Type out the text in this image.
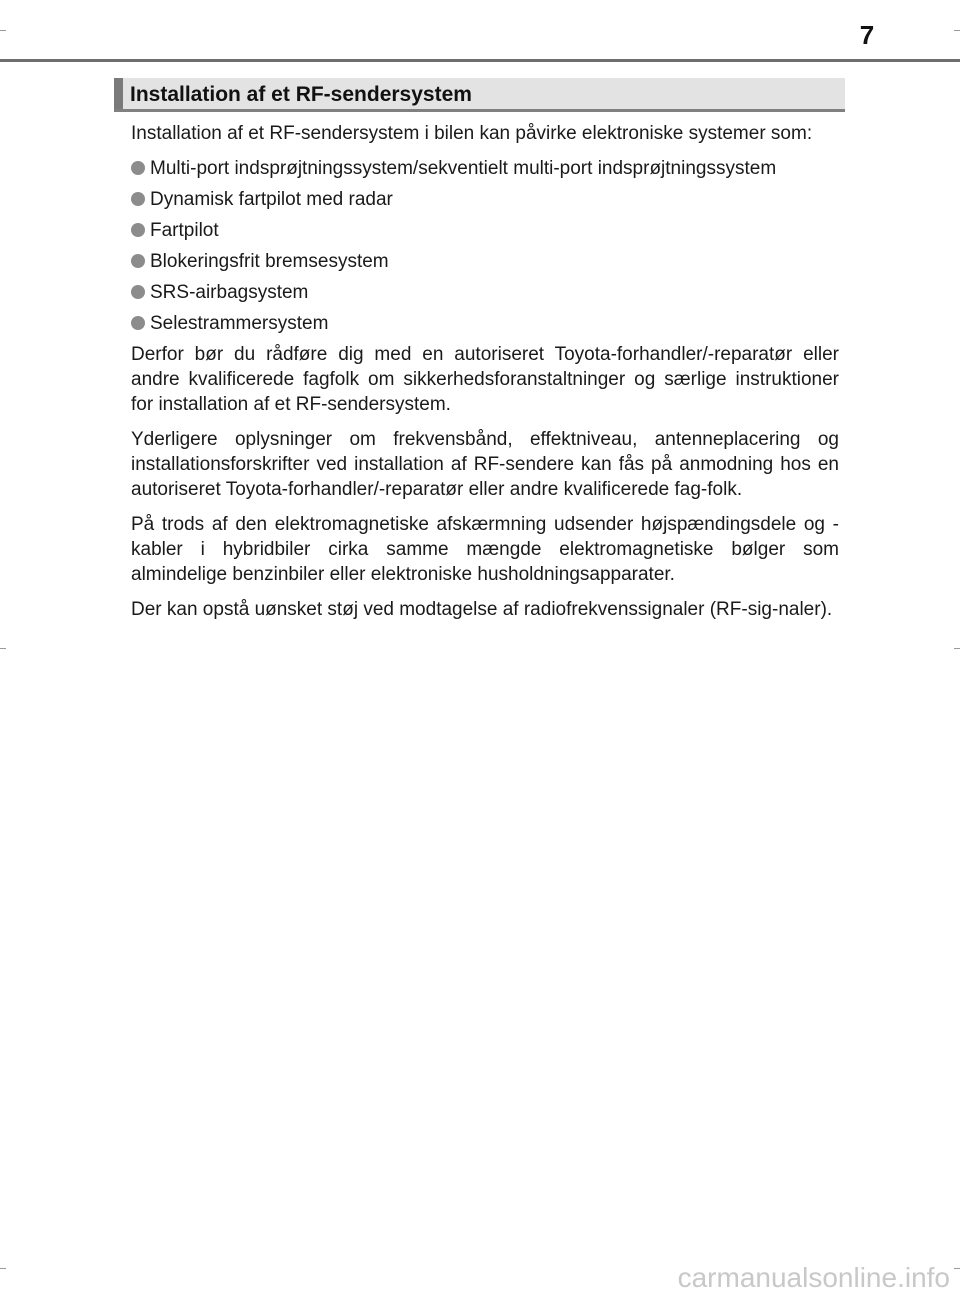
7
Installation af et RF-sendersystem

Installation af et RF-sendersystem i bilen kan påvirke elektroniske systemer som:

Multi-port indsprøjtningssystem/sekventielt multi-port indsprøjtningssystem
Dynamisk fartpilot med radar
Fartpilot
Blokeringsfrit bremsesystem
SRS-airbagsystem
Selestrammersystem

Derfor bør du rådføre dig med en autoriseret Toyota-forhandler/-reparatør eller andre kvalificerede fagfolk om sikkerhedsforanstaltninger og særlige instruktioner for installation af et RF-sendersystem.

Yderligere oplysninger om frekvensbånd, effektniveau, antenneplacering og installationsforskrifter ved installation af RF-sendere kan fås på anmodning hos en autoriseret Toyota-forhandler/-reparatør eller andre kvalificerede fag-folk.

På trods af den elektromagnetiske afskærmning udsender højspændingsdele og -kabler i hybridbiler cirka samme mængde elektromagnetiske bølger som almindelige benzinbiler eller elektroniske husholdningsapparater.

Der kan opstå uønsket støj ved modtagelse af radiofrekvenssignaler (RF-sig-naler).

carmanualsonline.info
